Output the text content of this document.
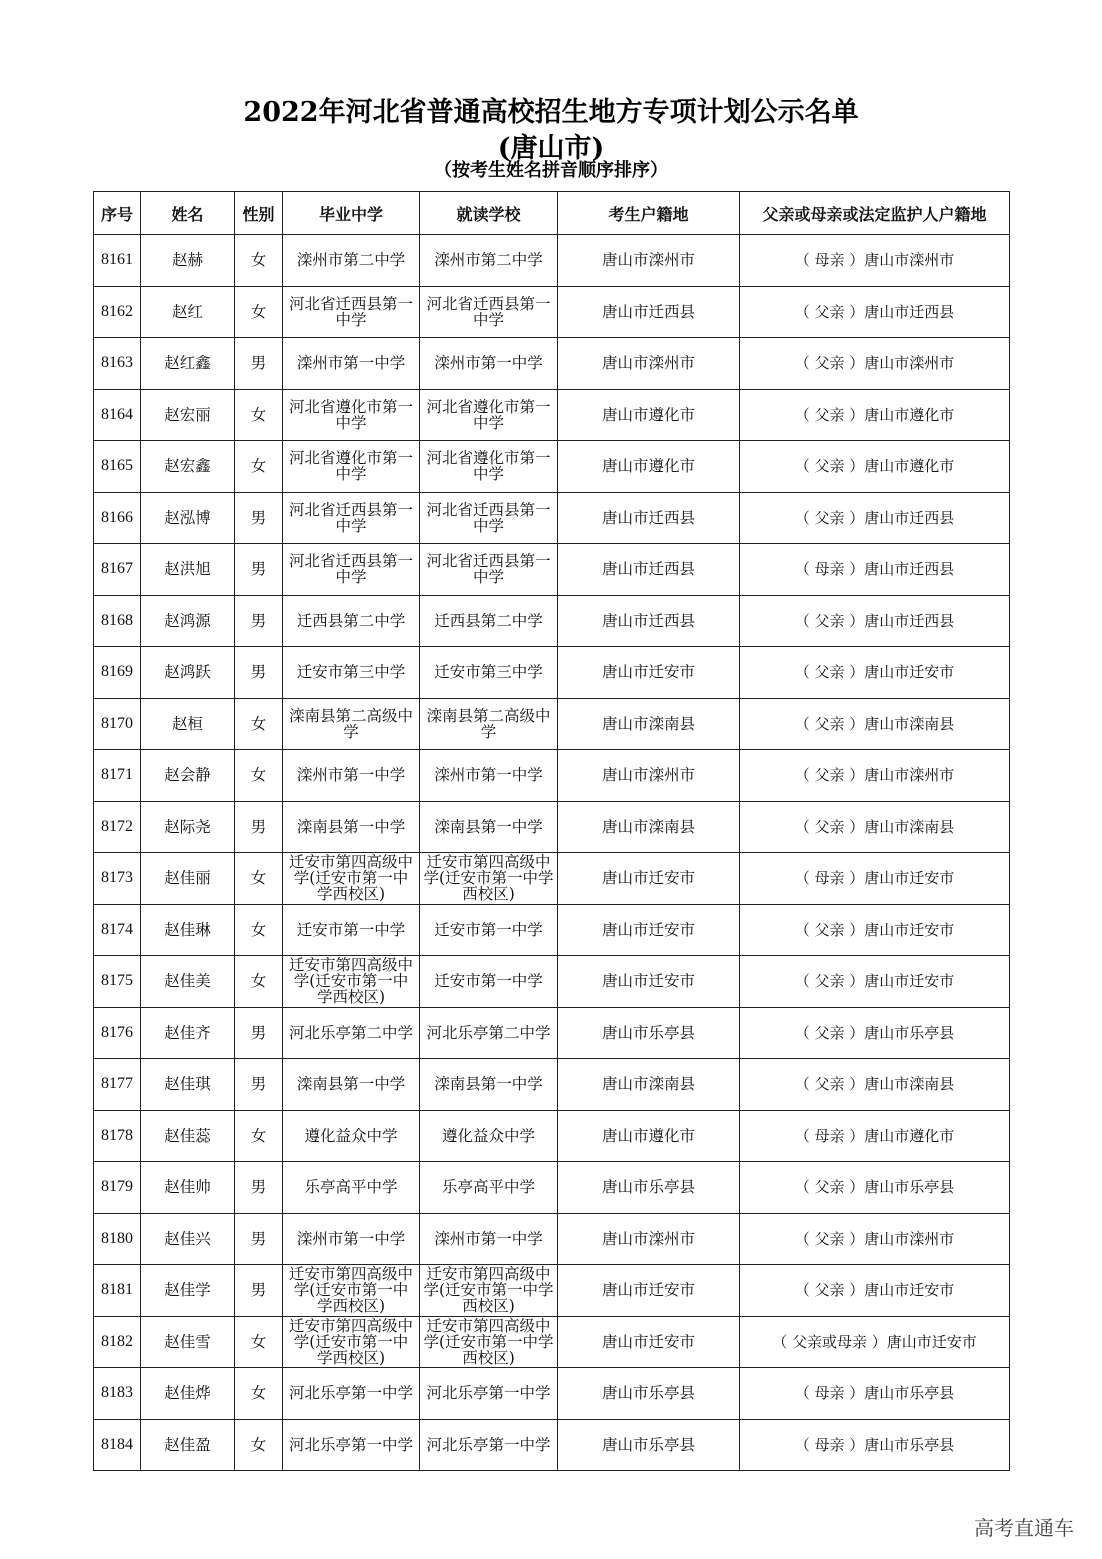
2022年河北省普通高校招生地方专项计划公示名单
(唐山市)
（按考生姓名拼音顺序排序）
序号	姓名	性别	毕业中学	就读学校	考生户籍地	父亲或母亲或法定监护人户籍地
8161	赵赫	女	滦州市第二中学	滦州市第二中学	唐山市滦州市	（ 母亲 ）唐山市滦州市
8162	赵红	女	河北省迁西县第一中学	河北省迁西县第一中学	唐山市迁西县	（ 父亲 ）唐山市迁西县
8163	赵红鑫	男	滦州市第一中学	滦州市第一中学	唐山市滦州市	（ 父亲 ）唐山市滦州市
8164	赵宏丽	女	河北省遵化市第一中学	河北省遵化市第一中学	唐山市遵化市	（ 父亲 ）唐山市遵化市
8165	赵宏鑫	女	河北省遵化市第一中学	河北省遵化市第一中学	唐山市遵化市	（ 父亲 ）唐山市遵化市
8166	赵泓博	男	河北省迁西县第一中学	河北省迁西县第一中学	唐山市迁西县	（ 父亲 ）唐山市迁西县
8167	赵洪旭	男	河北省迁西县第一中学	河北省迁西县第一中学	唐山市迁西县	（ 母亲 ）唐山市迁西县
8168	赵鸿源	男	迁西县第二中学	迁西县第二中学	唐山市迁西县	（ 父亲 ）唐山市迁西县
8169	赵鸿跃	男	迁安市第三中学	迁安市第三中学	唐山市迁安市	（ 父亲 ）唐山市迁安市
8170	赵桓	女	滦南县第二高级中学	滦南县第二高级中学	唐山市滦南县	（ 父亲 ）唐山市滦南县
8171	赵会静	女	滦州市第一中学	滦州市第一中学	唐山市滦州市	（ 父亲 ）唐山市滦州市
8172	赵际尧	男	滦南县第一中学	滦南县第一中学	唐山市滦南县	（ 父亲 ）唐山市滦南县
8173	赵佳丽	女	迁安市第四高级中学(迁安市第一中学西校区)	迁安市第四高级中学(迁安市第一中学西校区)	唐山市迁安市	（ 母亲 ）唐山市迁安市
8174	赵佳琳	女	迁安市第一中学	迁安市第一中学	唐山市迁安市	（ 父亲 ）唐山市迁安市
8175	赵佳美	女	迁安市第四高级中学(迁安市第一中学西校区)	迁安市第一中学	唐山市迁安市	（ 父亲 ）唐山市迁安市
8176	赵佳齐	男	河北乐亭第二中学	河北乐亭第二中学	唐山市乐亭县	（ 父亲 ）唐山市乐亭县
8177	赵佳琪	男	滦南县第一中学	滦南县第一中学	唐山市滦南县	（ 父亲 ）唐山市滦南县
8178	赵佳蕊	女	遵化益众中学	遵化益众中学	唐山市遵化市	（ 母亲 ）唐山市遵化市
8179	赵佳帅	男	乐亭高平中学	乐亭高平中学	唐山市乐亭县	（ 父亲 ）唐山市乐亭县
8180	赵佳兴	男	滦州市第一中学	滦州市第一中学	唐山市滦州市	（ 父亲 ）唐山市滦州市
8181	赵佳学	男	迁安市第四高级中学(迁安市第一中学西校区)	迁安市第四高级中学(迁安市第一中学西校区)	唐山市迁安市	（ 父亲 ）唐山市迁安市
8182	赵佳雪	女	迁安市第四高级中学(迁安市第一中学西校区)	迁安市第四高级中学(迁安市第一中学西校区)	唐山市迁安市	（ 父亲或母亲 ）唐山市迁安市
8183	赵佳烨	女	河北乐亭第一中学	河北乐亭第一中学	唐山市乐亭县	（ 母亲 ）唐山市乐亭县
8184	赵佳盈	女	河北乐亭第一中学	河北乐亭第一中学	唐山市乐亭县	（ 母亲 ）唐山市乐亭县
高考直通车
